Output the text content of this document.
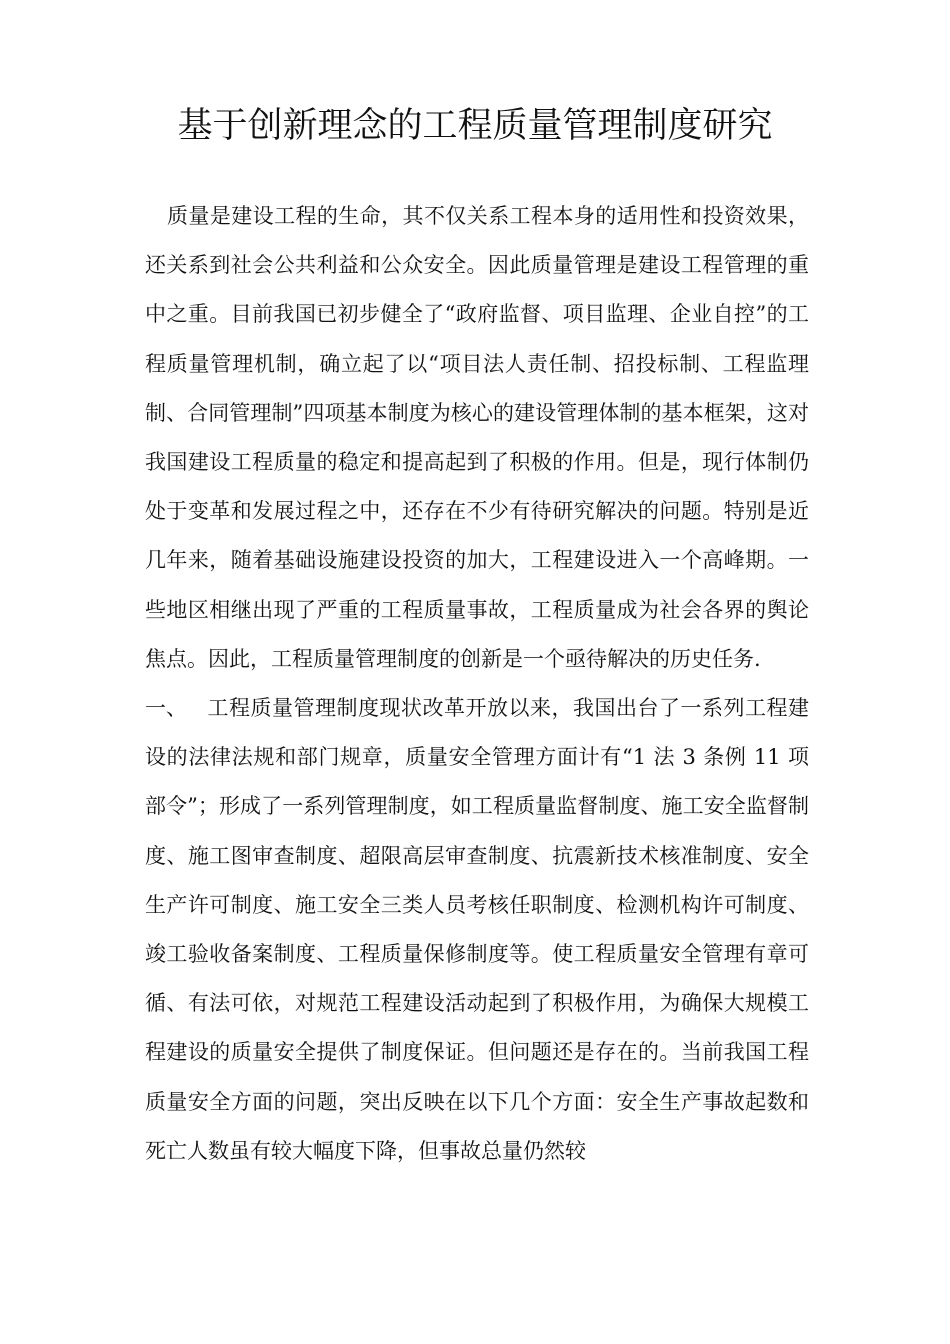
基于创新理念的工程质量管理制度研究

质量是建设工程的生命，其不仅关系工程本身的适用性和投资效果，还关系到社会公共利益和公众安全。因此质量管理是建设工程管理的重中之重。目前我国已初步健全了“政府监督、项目监理、企业自控”的工程质量管理机制，确立起了以“项目法人责任制、招投标制、工程监理制、合同管理制”四项基本制度为核心的建设管理体制的基本框架，这对我国建设工程质量的稳定和提高起到了积极的作用。但是，现行体制仍处于变革和发展过程之中，还存在不少有待研究解决的问题。特别是近几年来，随着基础设施建设投资的加大，工程建设进入一个高峰期。一些地区相继出现了严重的工程质量事故，工程质量成为社会各界的舆论焦点。因此，工程质量管理制度的创新是一个亟待解决的历史任务.

一、 工程质量管理制度现状改革开放以来，我国出台了一系列工程建设的法律法规和部门规章，质量安全管理方面计有“1 法 3 条例 11 项部令”；形成了一系列管理制度，如工程质量监督制度、施工安全监督制度、施工图审查制度、超限高层审查制度、抗震新技术核准制度、安全生产许可制度、施工安全三类人员考核任职制度、检测机构许可制度、竣工验收备案制度、工程质量保修制度等。使工程质量安全管理有章可循、有法可依，对规范工程建设活动起到了积极作用，为确保大规模工程建设的质量安全提供了制度保证。但问题还是存在的。当前我国工程质量安全方面的问题，突出反映在以下几个方面：安全生产事故起数和死亡人数虽有较大幅度下降，但事故总量仍然较
